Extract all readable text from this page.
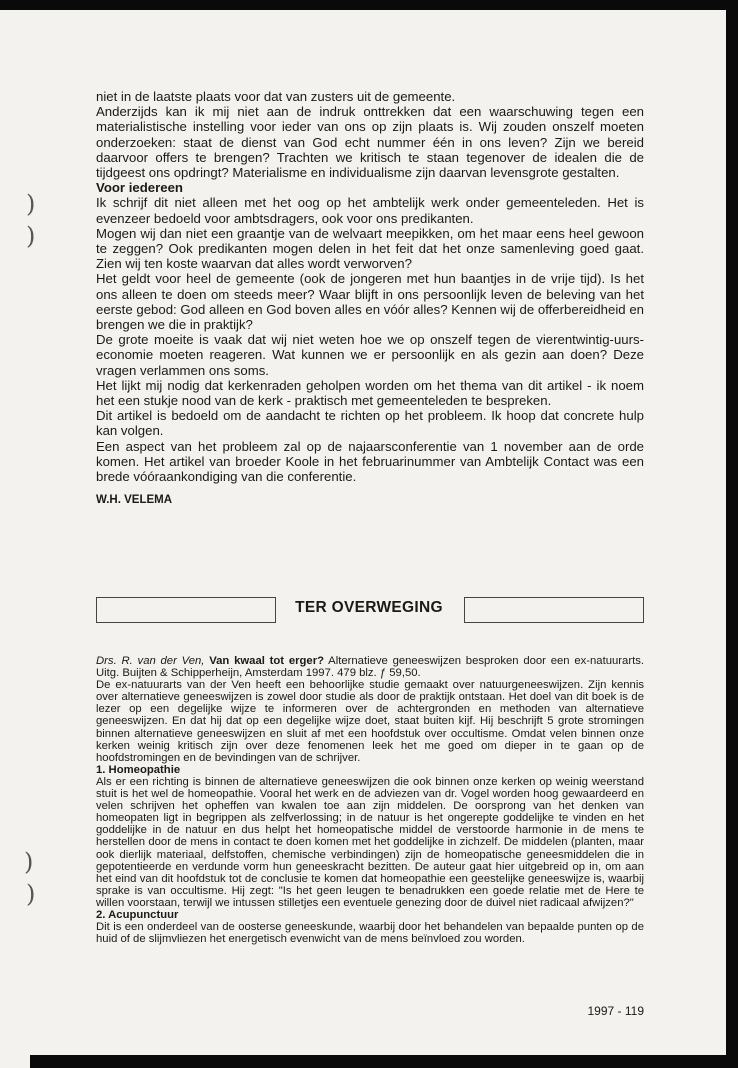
)
)
)
)

niet in de laatste plaats voor dat van zusters uit de gemeente.

Anderzijds kan ik mij niet aan de indruk onttrekken dat een waarschuwing tegen een materialistische instelling voor ieder van ons op zijn plaats is. Wij zouden onszelf moeten onderzoeken: staat de dienst van God echt nummer één in ons leven? Zijn we bereid daarvoor offers te brengen? Trachten we kritisch te staan tegenover de idealen die de tijdgeest ons opdringt? Materialisme en individualisme zijn daarvan levensgrote gestalten.

Voor iedereen

Ik schrijf dit niet alleen met het oog op het ambtelijk werk onder gemeenteleden. Het is evenzeer bedoeld voor ambtsdragers, ook voor ons predikanten.

Mogen wij dan niet een graantje van de welvaart meepikken, om het maar eens heel gewoon te zeggen? Ook predikanten mogen delen in het feit dat het onze samenleving goed gaat. Zien wij ten koste waarvan dat alles wordt verworven?

Het geldt voor heel de gemeente (ook de jongeren met hun baantjes in de vrije tijd). Is het ons alleen te doen om steeds meer? Waar blijft in ons persoonlijk leven de beleving van het eerste gebod: God alleen en God boven alles en vóór alles? Kennen wij de offerbereidheid en brengen we die in praktijk?

De grote moeite is vaak dat wij niet weten hoe we op onszelf tegen de vierentwintig-uurs-economie moeten reageren. Wat kunnen we er persoonlijk en als gezin aan doen? Deze vragen verlammen ons soms.

Het lijkt mij nodig dat kerkenraden geholpen worden om het thema van dit artikel - ik noem het een stukje nood van de kerk - praktisch met gemeenteleden te bespreken.

Dit artikel is bedoeld om de aandacht te richten op het probleem. Ik hoop dat concrete hulp kan volgen.

Een aspect van het probleem zal op de najaarsconferentie van 1 november aan de orde komen. Het artikel van broeder Koole in het februarinummer van Ambtelijk Contact was een brede vóóraankondiging van die conferentie.

W.H. VELEMA

TER OVERWEGING

Drs. R. van der Ven, Van kwaal tot erger? Alternatieve geneeswijzen besproken door een ex-natuurarts. Uitg. Buijten & Schipperheijn, Amsterdam 1997. 479 blz. ƒ 59,50.

De ex-natuurarts van der Ven heeft een behoorlijke studie gemaakt over natuurgeneeswijzen. Zijn kennis over alternatieve geneeswijzen is zowel door studie als door de praktijk ontstaan. Het doel van dit boek is de lezer op een degelijke wijze te informeren over de achtergronden en methoden van alternatieve geneeswijzen. En dat hij dat op een degelijke wijze doet, staat buiten kijf. Hij beschrijft 5 grote stromingen binnen alternatieve geneeswijzen en sluit af met een hoofdstuk over occultisme. Omdat velen binnen onze kerken weinig kritisch zijn over deze fenomenen leek het me goed om dieper in te gaan op de hoofdstromingen en de bevindingen van de schrijver.

1. Homeopathie

Als er een richting is binnen de alternatieve geneeswijzen die ook binnen onze kerken op weinig weerstand stuit is het wel de homeopathie. Vooral het werk en de adviezen van dr. Vogel worden hoog gewaardeerd en velen schrijven het opheffen van kwalen toe aan zijn middelen. De oorsprong van het denken van homeopaten ligt in begrippen als zelfverlossing; in de natuur is het ongerepte goddelijke te vinden en het goddelijke in de natuur en dus helpt het homeopatische middel de verstoorde harmonie in de mens te herstellen door de mens in contact te doen komen met het goddelijke in zichzelf. De middelen (planten, maar ook dierlijk materiaal, delfstoffen, chemische verbindingen) zijn de homeopatische geneesmiddelen die in gepotentieerde en verdunde vorm hun geneeskracht bezitten. De auteur gaat hier uitgebreid op in, om aan het eind van dit hoofdstuk tot de conclusie te komen dat homeopathie een geestelijke geneeswijze is, waarbij sprake is van occultisme. Hij zegt: "Is het geen leugen te benadrukken een goede relatie met de Here te willen voorstaan, terwijl we intussen stilletjes een eventuele genezing door de duivel niet radicaal afwijzen?"

2. Acupunctuur

Dit is een onderdeel van de oosterse geneeskunde, waarbij door het behandelen van bepaalde punten op de huid of de slijmvliezen het energetisch evenwicht van de mens beïnvloed zou worden.

1997 - 119
